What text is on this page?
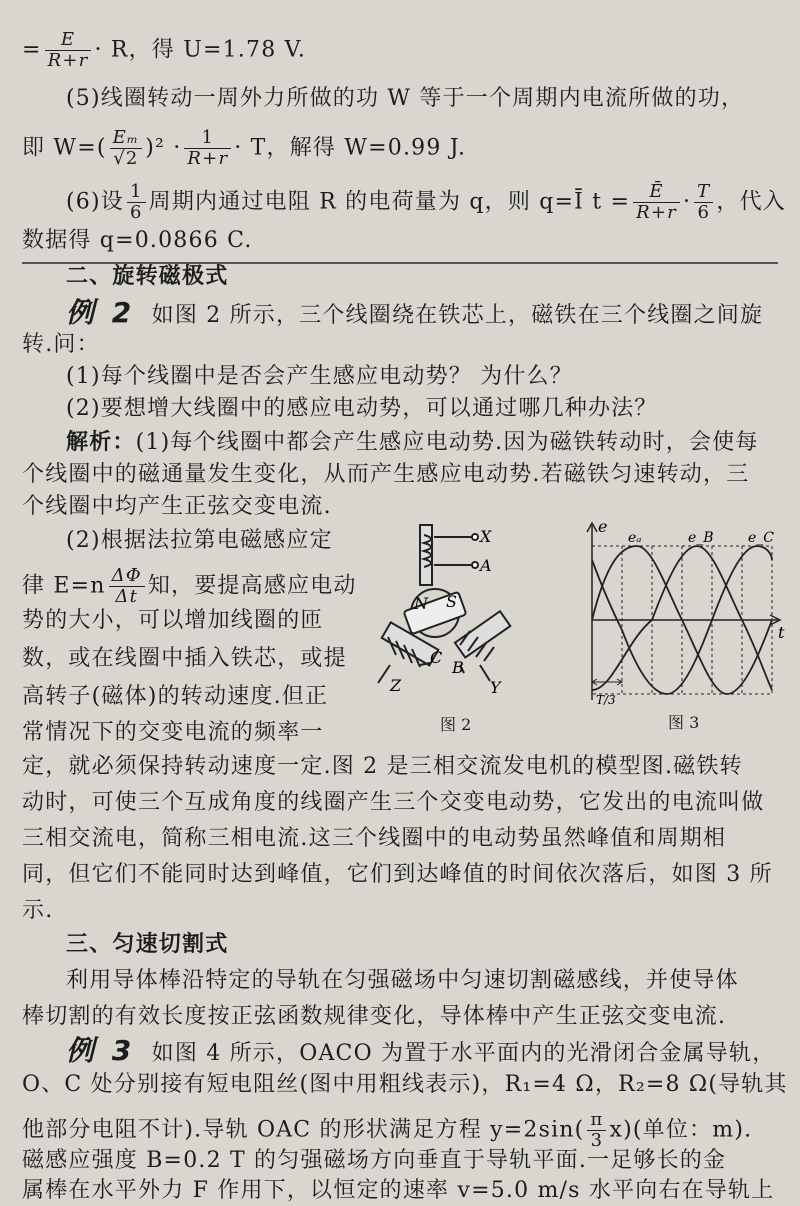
= $\frac{E}{R+r} \cdot R$，得 U=1.78 V.
(5)线圈转动一周外力所做的功 W 等于一个周期内电流所做的功，
即 $W=( \frac{\text{Eₘ}}{√2} )^2 \cdot \frac{1}{R+r} \cdot T$，解得 W=0.99 J.
(6)设 $\frac{1}{6}$ 周期内通过电阻 R 的电荷量为 q，则 q=Ī $t = \frac{Ē}{R+r} \cdot \frac{T}{6}$ ，代入
数据得 q=0.0866 C.
二、旋转磁极式
例 2 如图 2 所示，三个线圈绕在铁芯上，磁铁在三个线圈之间旋
转.问：
(1)每个线圈中是否会产生感应电动势？ 为什么？
(2)要想增大线圈中的感应电动势，可以通过哪几种办法？
解析：(1)每个线圈中都会产生感应电动势.因为磁铁转动时，会使每
个线圈中的磁通量发生变化，从而产生感应电动势.若磁铁匀速转动，三
个线圈中均产生正弦交变电流.
(2)根据法拉第电磁感应定
律 $E=n \frac{\Delta\Phi}{\Delta t}$ 知，要提高感应电动
势的大小，可以增加线圈的匝
数，或在线圈中插入铁芯，或提
高转子(磁体)的转动速度.但正
常情况下的交变电流的频率一
X
A
N S
C
B
Z	Y
图 2
e
t
eₐ	e_B e_C
T/3
图 3
定，就必须保持转动速度一定.图 2 是三相交流发电机的模型图.磁铁转
动时，可使三个互成角度的线圈产生三个交变电动势，它发出的电流叫做
三相交流电，简称三相电流.这三个线圈中的电动势虽然峰值和周期相
同，但它们不能同时达到峰值，它们到达峰值的时间依次落后，如图 3 所
示.
三、匀速切割式
利用导体棒沿特定的导轨在匀强磁场中匀速切割磁感线，并使导体
棒切割的有效长度按正弦函数规律变化，导体棒中产生正弦交变电流.
例 3 如图 4 所示，OACO 为置于水平面内的光滑闭合金属导轨，
O、C 处分别接有短电阻丝(图中用粗线表示)，R₁=4 Ω，R₂=8 Ω(导轨其
他部分电阻不计).导轨 OAC 的形状满足方程 $y=2\sin( \frac{\pi}{3} x)$(单位：m).
磁感应强度 B=0.2 T 的匀强磁场方向垂直于导轨平面.一足够长的金
属棒在水平外力 F 作用下，以恒定的速率 v=5.0 m/s 水平向右在导轨上
